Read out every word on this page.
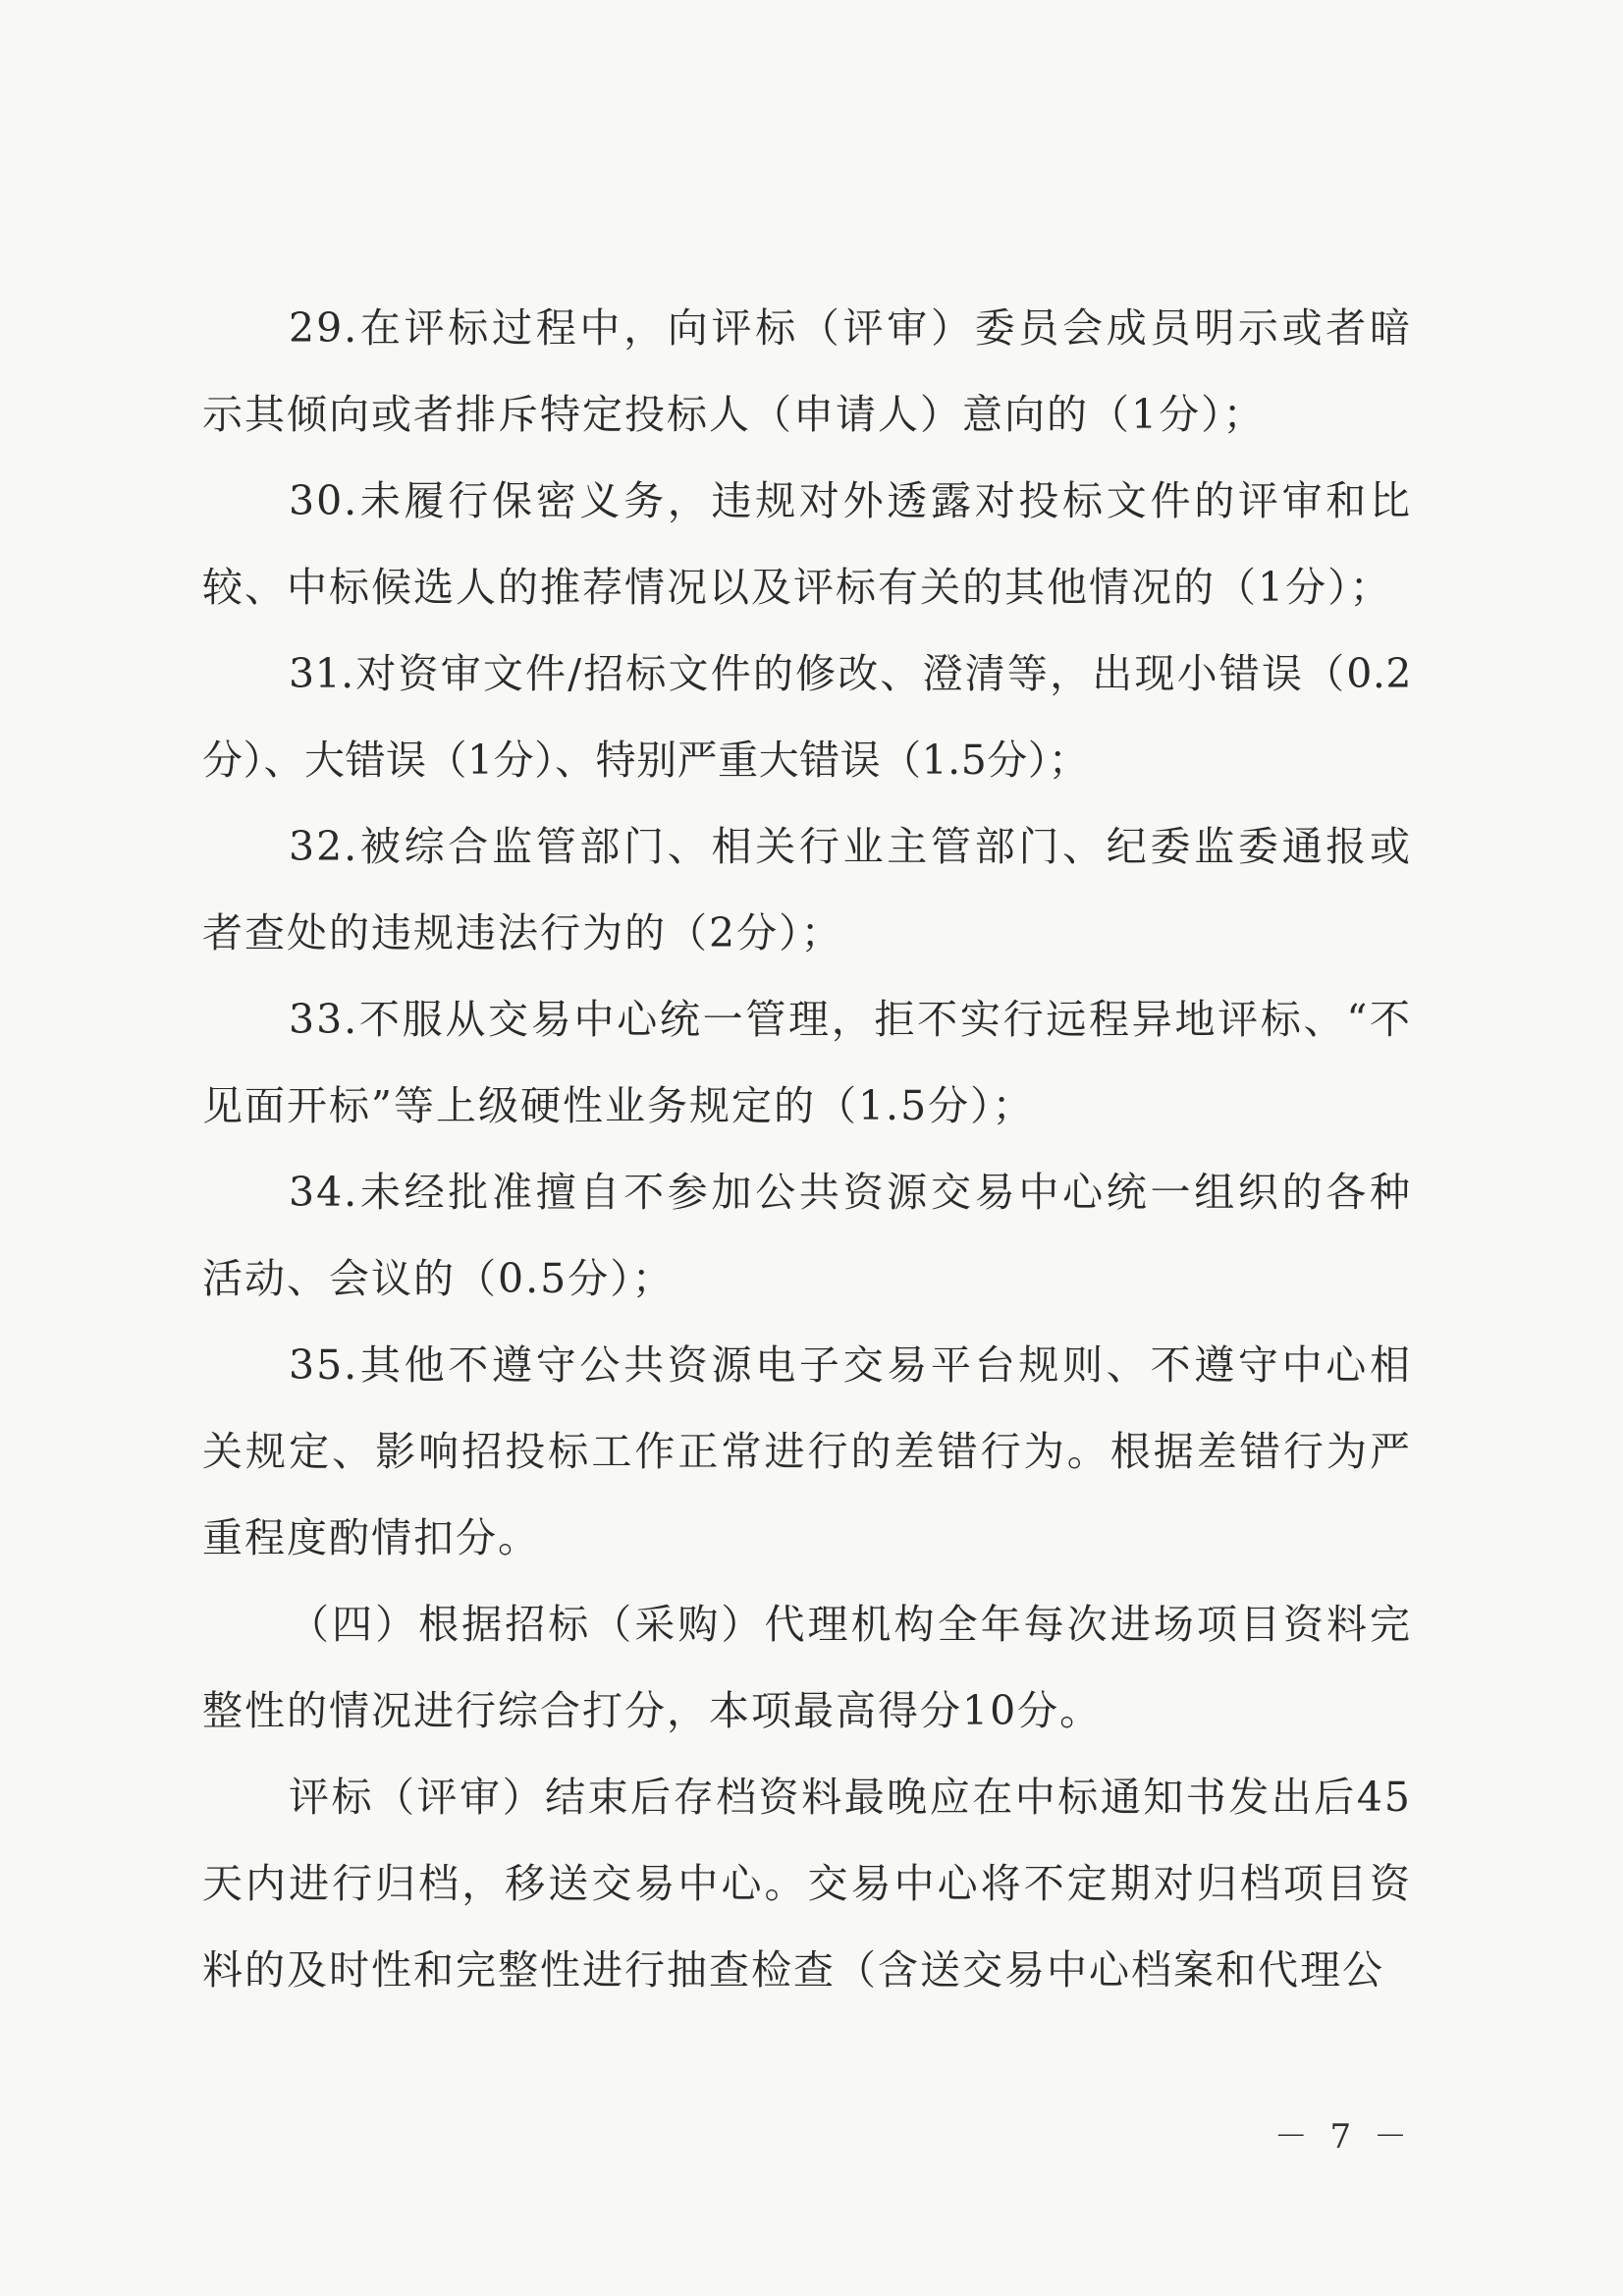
29.在评标过程中，向评标（评审）委员会成员明示或者暗示其倾向或者排斥特定投标人（申请人）意向的（1分）；

30.未履行保密义务，违规对外透露对投标文件的评审和比较、中标候选人的推荐情况以及评标有关的其他情况的（1分）；

31.对资审文件/招标文件的修改、澄清等，出现小错误（0.2分）、大错误（1分）、特别严重大错误（1.5分）；

32.被综合监管部门、相关行业主管部门、纪委监委通报或者查处的违规违法行为的（2分）；

33.不服从交易中心统一管理，拒不实行远程异地评标、“不见面开标”等上级硬性业务规定的（1.5分）；

34.未经批准擅自不参加公共资源交易中心统一组织的各种活动、会议的（0.5分）；

35.其他不遵守公共资源电子交易平台规则、不遵守中心相关规定、影响招投标工作正常进行的差错行为。根据差错行为严重程度酌情扣分。

（四）根据招标（采购）代理机构全年每次进场项目资料完整性的情况进行综合打分，本项最高得分10分。

评标（评审）结束后存档资料最晚应在中标通知书发出后45天内进行归档，移送交易中心。交易中心将不定期对归档项目资料的及时性和完整性进行抽查检查（含送交易中心档案和代理公

－ 7 －
